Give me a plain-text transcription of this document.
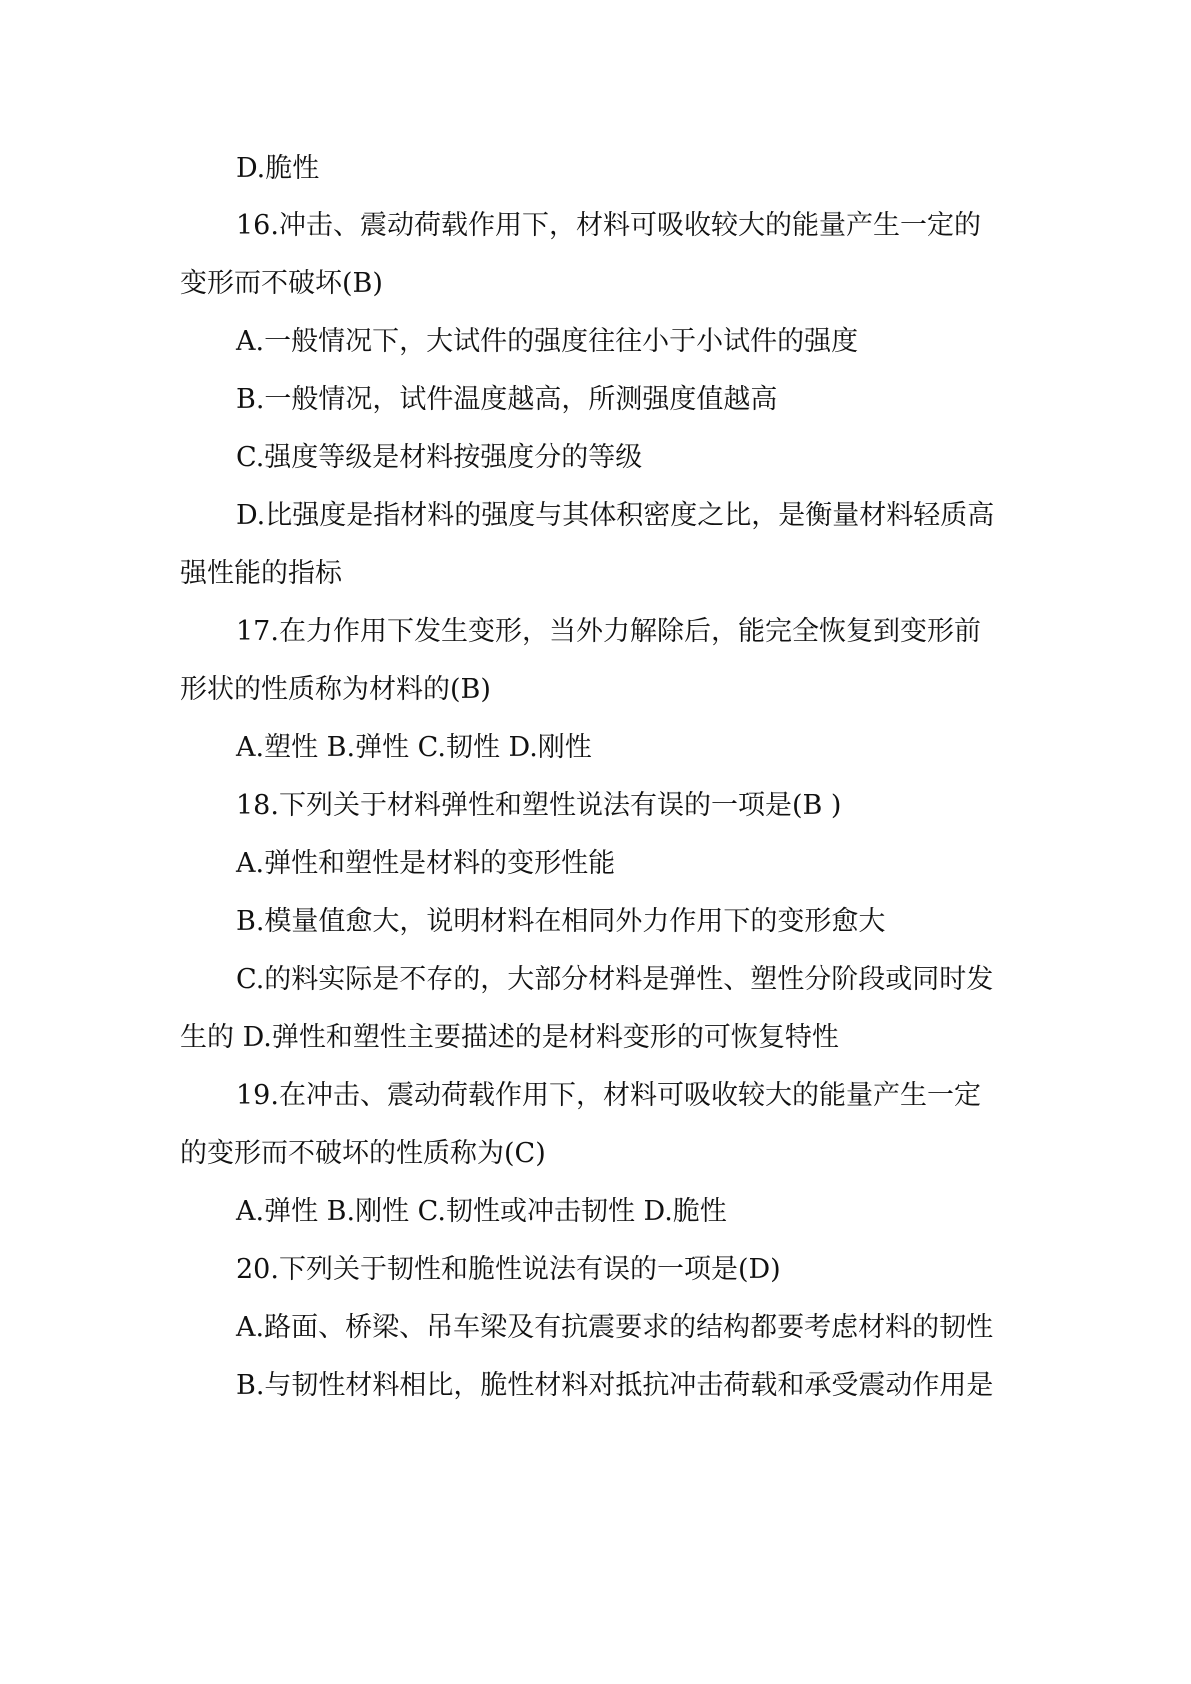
D.脆性
16.冲击、震动荷载作用下，材料可吸收较大的能量产生一定的
变形而不破坏(B)
A.一般情况下，大试件的强度往往小于小试件的强度
B.一般情况，试件温度越高，所测强度值越高
C.强度等级是材料按强度分的等级
D.比强度是指材料的强度与其体积密度之比，是衡量材料轻质高
强性能的指标
17.在力作用下发生变形，当外力解除后，能完全恢复到变形前
形状的性质称为材料的(B)
A.塑性 B.弹性 C.韧性 D.刚性
18.下列关于材料弹性和塑性说法有误的一项是(B )
A.弹性和塑性是材料的变形性能
B.模量值愈大，说明材料在相同外力作用下的变形愈大
C.的料实际是不存的，大部分材料是弹性、塑性分阶段或同时发
生的 D.弹性和塑性主要描述的是材料变形的可恢复特性
19.在冲击、震动荷载作用下，材料可吸收较大的能量产生一定
的变形而不破坏的性质称为(C)
A.弹性 B.刚性 C.韧性或冲击韧性 D.脆性
20.下列关于韧性和脆性说法有误的一项是(D)
A.路面、桥梁、吊车梁及有抗震要求的结构都要考虑材料的韧性
B.与韧性材料相比，脆性材料对抵抗冲击荷载和承受震动作用是
